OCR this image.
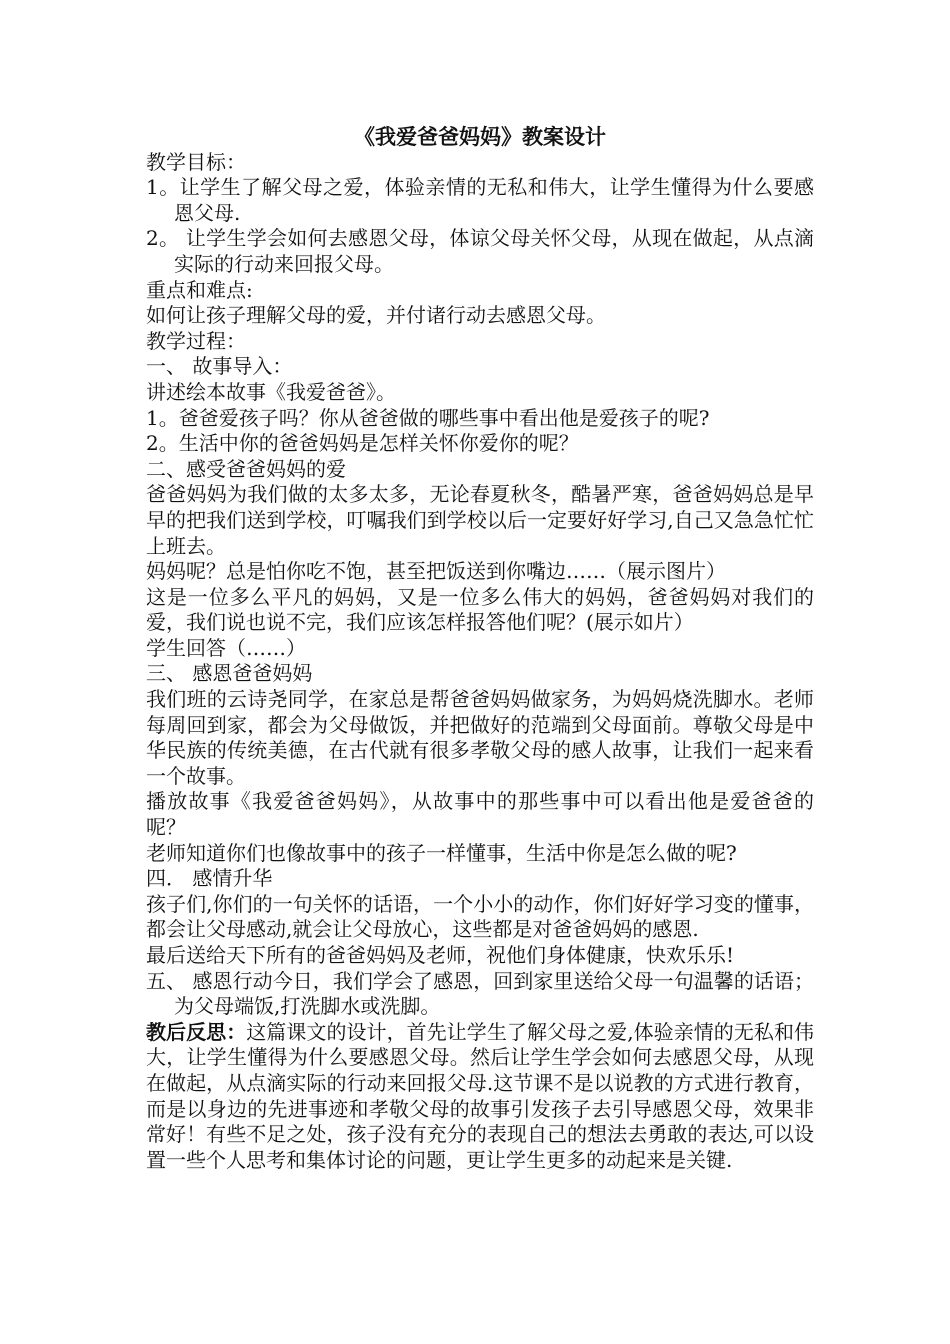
《我爱爸爸妈妈》教案设计

教学目标：

1。让学生了解父母之爱，体验亲情的无私和伟大，让学生懂得为什么要感恩父母.

2。 让学生学会如何去感恩父母，体谅父母关怀父母，从现在做起，从点滴实际的行动来回报父母。

重点和难点:

如何让孩子理解父母的爱，并付诸行动去感恩父母。

教学过程：

一、 故事导入：

讲述绘本故事《我爱爸爸》。

1。爸爸爱孩子吗？你从爸爸做的哪些事中看出他是爱孩子的呢?

2。生活中你的爸爸妈妈是怎样关怀你爱你的呢？

二、感受爸爸妈妈的爱

爸爸妈妈为我们做的太多太多，无论春夏秋冬，酷暑严寒，爸爸妈妈总是早早的把我们送到学校，叮嘱我们到学校以后一定要好好学习,自己又急急忙忙上班去。

妈妈呢？总是怕你吃不饱，甚至把饭送到你嘴边……（展示图片）

这是一位多么平凡的妈妈，又是一位多么伟大的妈妈，爸爸妈妈对我们的爱，我们说也说不完，我们应该怎样报答他们呢？(展示如片）

学生回答（……）

三、 感恩爸爸妈妈

我们班的云诗尧同学，在家总是帮爸爸妈妈做家务，为妈妈烧洗脚水。老师每周回到家，都会为父母做饭，并把做好的范端到父母面前。尊敬父母是中华民族的传统美德，在古代就有很多孝敬父母的感人故事，让我们一起来看一个故事。

播放故事《我爱爸爸妈妈》，从故事中的那些事中可以看出他是爱爸爸的呢？

老师知道你们也像故事中的孩子一样懂事，生活中你是怎么做的呢?

四． 感情升华

孩子们,你们的一句关怀的话语，一个小小的动作，你们好好学习变的懂事，都会让父母感动,就会让父母放心，这些都是对爸爸妈妈的感恩.

最后送给天下所有的爸爸妈妈及老师，祝他们身体健康，快欢乐乐!

五、 感恩行动今日，我们学会了感恩，回到家里送给父母一句温馨的话语；为父母端饭,打洗脚水或洗脚。

教后反思：这篇课文的设计，首先让学生了解父母之爱,体验亲情的无私和伟大，让学生懂得为什么要感恩父母。然后让学生学会如何去感恩父母，从现在做起，从点滴实际的行动来回报父母.这节课不是以说教的方式进行教育，而是以身边的先进事迹和孝敬父母的故事引发孩子去引导感恩父母，效果非常好！有些不足之处，孩子没有充分的表现自己的想法去勇敢的表达,可以设置一些个人思考和集体讨论的问题，更让学生更多的动起来是关键.
